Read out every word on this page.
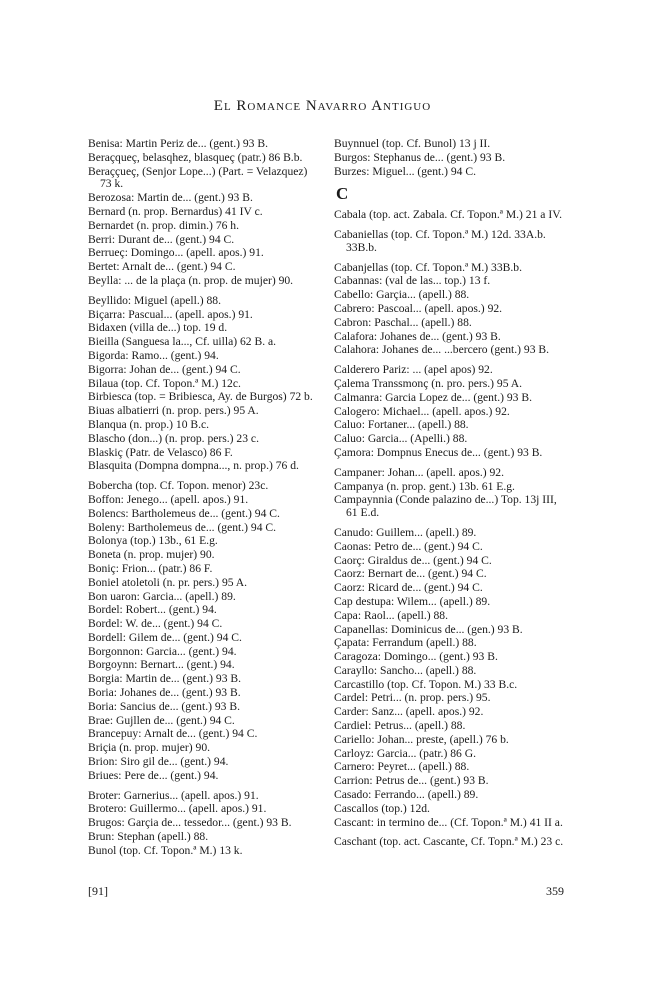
El Romance Navarro Antiguo
Benisa: Martin Periz de... (gent.) 93 B.
Beraçqueç, belasqhez, blasqueç (patr.) 86 B.b.
Beraççueç, (Senjor Lope...) (Part. = Velazquez) 73 k.
Berozosa: Martin de... (gent.) 93 B.
Bernard (n. prop. Bernardus) 41 IV c.
Bernardet (n. prop. dimin.) 76 h.
Berri: Durant de... (gent.) 94 C.
Berrueç: Domingo... (apell. apos.) 91.
Bertet: Arnalt de... (gent.) 94 C.
Beylla: ... de la plaça (n. prop. de mujer) 90.
Beyllido: Miguel (apell.) 88.
Biçarra: Pascual... (apell. apos.) 91.
Bidaxen (villa de...) top. 19 d.
Bieilla (Sanguesa la..., Cf. uilla) 62 B. a.
Bigorda: Ramo... (gent.) 94.
Bigorra: Johan de... (gent.) 94 C.
Bilaua (top. Cf. Topon.ª M.) 12c.
Birbiesca (top. = Bribiesca, Ay. de Burgos) 72 b.
Biuas albatierri (n. prop. pers.) 95 A.
Blanqua (n. prop.) 10 B.c.
Blascho (don...) (n. prop. pers.) 23 c.
Blaskiç (Patr. de Velasco) 86 F.
Blasquita (Dompna dompna..., n. prop.) 76 d.
Bobercha (top. Cf. Topon. menor) 23c.
Boffon: Jenego... (apell. apos.) 91.
Bolencs: Bartholemeus de... (gent.) 94 C.
Boleny: Bartholemeus de... (gent.) 94 C.
Bolonya (top.) 13b., 61 E.g.
Boneta (n. prop. mujer) 90.
Boniç: Frion... (patr.) 86 F.
Boniel atoletoli (n. pr. pers.) 95 A.
Bon uaron: Garcia... (apell.) 89.
Bordel: Robert... (gent.) 94.
Bordel: W. de... (gent.) 94 C.
Bordell: Gilem de... (gent.) 94 C.
Borgonnon: Garcia... (gent.) 94.
Borgoynn: Bernart... (gent.) 94.
Borgia: Martin de... (gent.) 93 B.
Boria: Johanes de... (gent.) 93 B.
Boria: Sancius de... (gent.) 93 B.
Brae: Gujllen de... (gent.) 94 C.
Brancepuy: Arnalt de... (gent.) 94 C.
Briçia (n. prop. mujer) 90.
Brion: Siro gil de... (gent.) 94.
Briues: Pere de... (gent.) 94.
Broter: Garnerius... (apell. apos.) 91.
Brotero: Guillermo... (apell. apos.) 91.
Brugos: Garçia de... tessedor... (gent.) 93 B.
Brun: Stephan (apell.) 88.
Bunol (top. Cf. Topon.ª M.) 13 k.
Buynnuel (top. Cf. Bunol) 13 j II.
Burgos: Stephanus de... (gent.) 93 B.
Burzes: Miguel... (gent.) 94 C.
C
Cabala (top. act. Zabala. Cf. Topon.ª M.) 21 a IV.
Cabaniellas (top. Cf. Topon.ª M.) 12d. 33A.b. 33B.b.
Cabanjellas (top. Cf. Topon.ª M.) 33B.b.
Cabannas: (val de las... top.) 13 f.
Cabello: Garçia... (apell.) 88.
Cabrero: Pascoal... (apell. apos.) 92.
Cabron: Paschal... (apell.) 88.
Calafora: Johanes de... (gent.) 93 B.
Calahora: Johanes de... ...bercero (gent.) 93 B.
Calderero Pariz: ... (apel apos) 92.
Çalema Transsmonç (n. pro. pers.) 95 A.
Calmanra: Garcia Lopez de... (gent.) 93 B.
Calogero: Michael... (apell. apos.) 92.
Caluo: Fortaner... (apell.) 88.
Caluo: Garcia... (Apelli.) 88.
Çamora: Dompnus Enecus de... (gent.) 93 B.
Campaner: Johan... (apell. apos.) 92.
Campanya (n. prop. gent.) 13b. 61 E.g.
Campaynnia (Conde palazino de...) Top. 13j III, 61 E.d.
Canudo: Guillem... (apell.) 89.
Caonas: Petro de... (gent.) 94 C.
Caorç: Giraldus de... (gent.) 94 C.
Caorz: Bernart de... (gent.) 94 C.
Caorz: Ricard de... (gent.) 94 C.
Cap destupa: Wilem... (apell.) 89.
Capa: Raol... (apell.) 88.
Capanellas: Dominicus de... (gen.) 93 B.
Çapata: Ferrandum (apell.) 88.
Caragoza: Domingo... (gent.) 93 B.
Carayllo: Sancho... (apell.) 88.
Carcastillo (top. Cf. Topon. M.) 33 B.c.
Cardel: Petri... (n. prop. pers.) 95.
Carder: Sanz... (apell. apos.) 92.
Cardiel: Petrus... (apell.) 88.
Cariello: Johan... preste, (apell.) 76 b.
Carloyz: Garcia... (patr.) 86 G.
Carnero: Peyret... (apell.) 88.
Carrion: Petrus de... (gent.) 93 B.
Casado: Ferrando... (apell.) 89.
Cascallos (top.) 12d.
Cascant: in termino de... (Cf. Topon.ª M.) 41 II a.
Caschant (top. act. Cascante, Cf. Topn.ª M.) 23 c.
[91]	359
